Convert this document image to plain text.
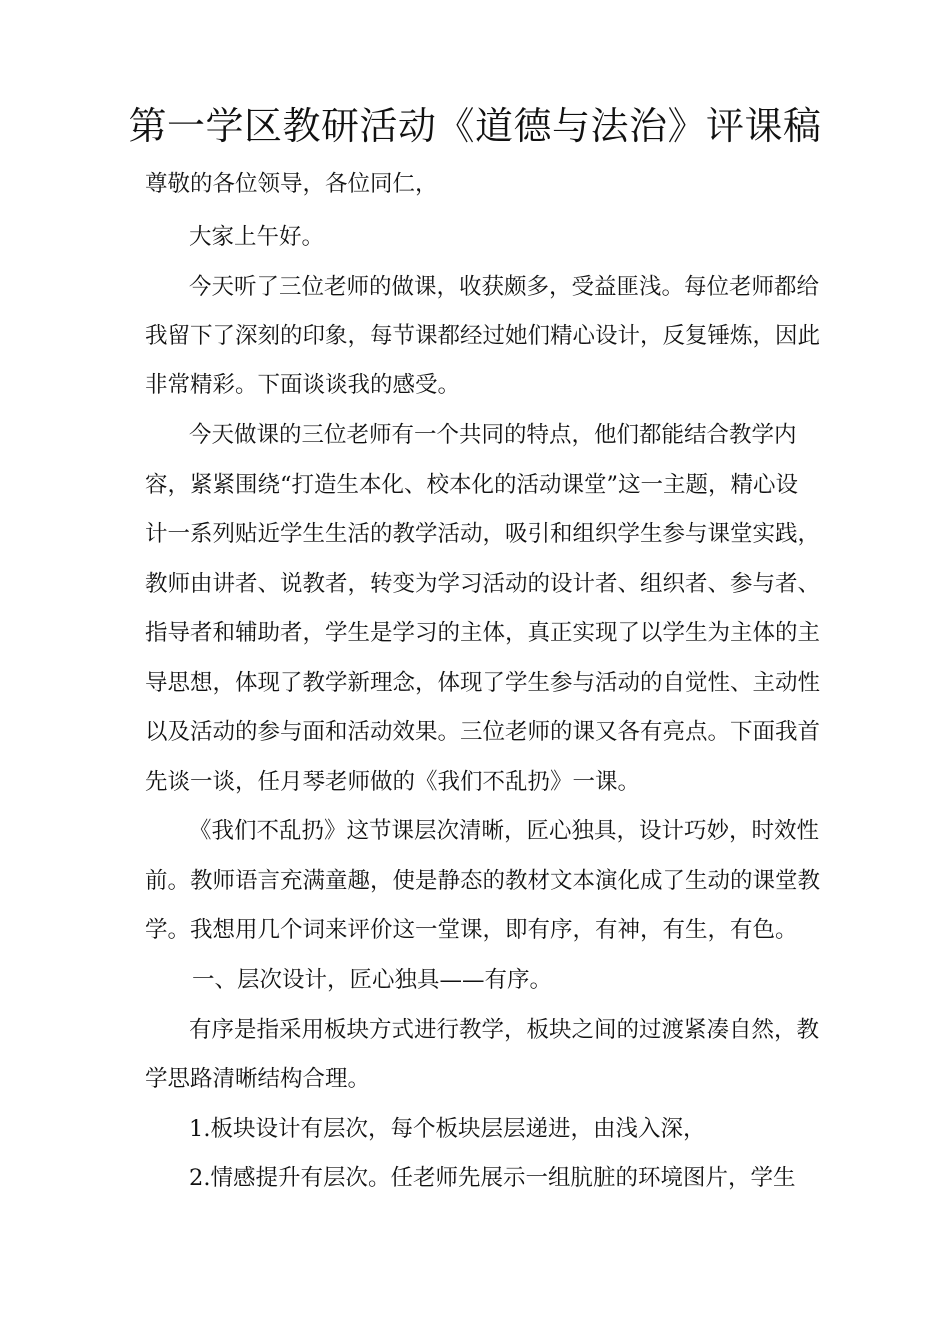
第一学区教研活动《道德与法治》评课稿
尊敬的各位领导，各位同仁，
大家上午好。
今天听了三位老师的做课，收获颇多，受益匪浅。每位老师都给
我留下了深刻的印象，每节课都经过她们精心设计，反复锤炼，因此
非常精彩。下面谈谈我的感受。
今天做课的三位老师有一个共同的特点，他们都能结合教学内
容，紧紧围绕“打造生本化、校本化的活动课堂”这一主题，精心设
计一系列贴近学生生活的教学活动，吸引和组织学生参与课堂实践，
教师由讲者、说教者，转变为学习活动的设计者、组织者、参与者、
指导者和辅助者，学生是学习的主体，真正实现了以学生为主体的主
导思想，体现了教学新理念，体现了学生参与活动的自觉性、主动性
以及活动的参与面和活动效果。三位老师的课又各有亮点。下面我首
先谈一谈，任月琴老师做的《我们不乱扔》一课。
《我们不乱扔》这节课层次清晰，匠心独具，设计巧妙，时效性
前。教师语言充满童趣，使是静态的教材文本演化成了生动的课堂教
学。我想用几个词来评价这一堂课，即有序，有神，有生，有色。
一、层次设计，匠心独具——有序。
有序是指采用板块方式进行教学，板块之间的过渡紧凑自然，教
学思路清晰结构合理。
1.板块设计有层次，每个板块层层递进，由浅入深，
2.情感提升有层次。任老师先展示一组肮脏的环境图片，学生
